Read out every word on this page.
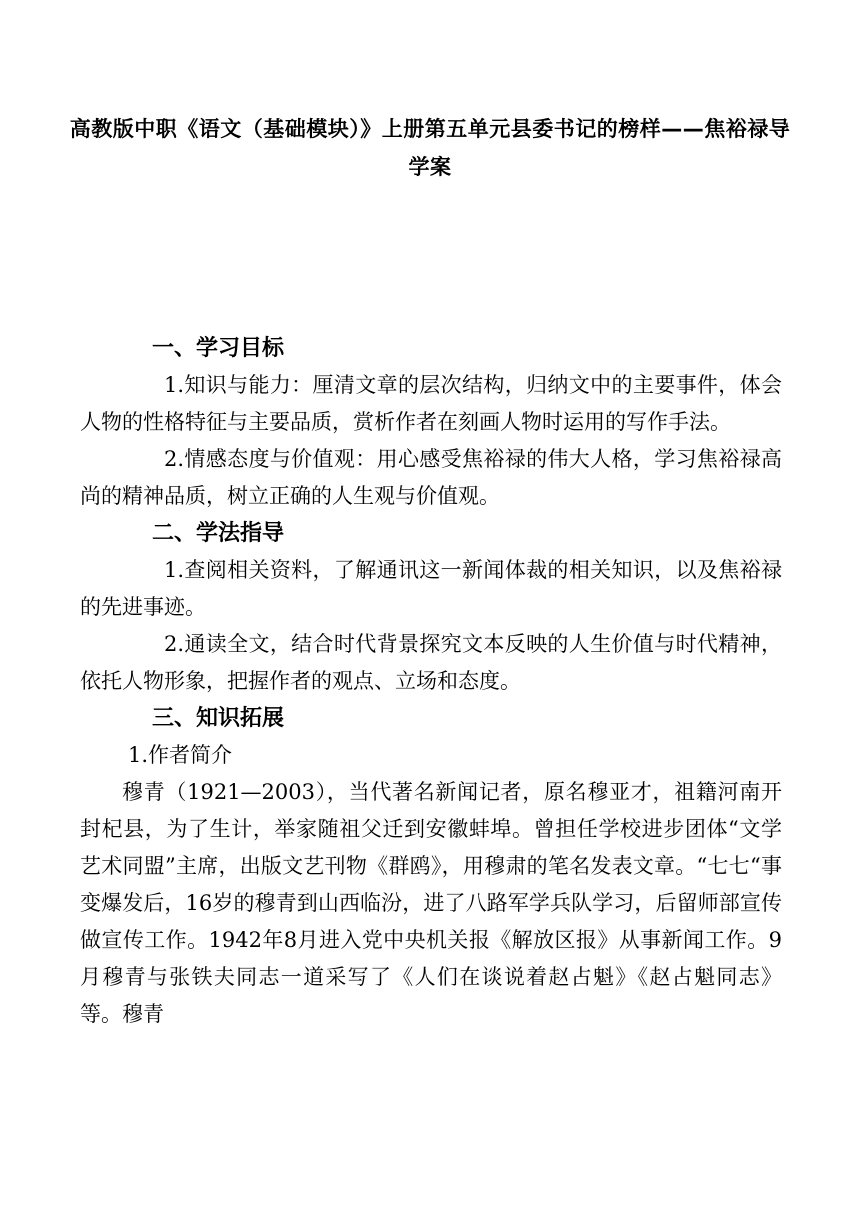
高教版中职《语文（基础模块）》上册第五单元县委书记的榜样——焦裕禄导学案

一、学习目标

1.知识与能力：厘清文章的层次结构，归纳文中的主要事件，体会人物的性格特征与主要品质，赏析作者在刻画人物时运用的写作手法。

2.情感态度与价值观：用心感受焦裕禄的伟大人格，学习焦裕禄高尚的精神品质，树立正确的人生观与价值观。

二、学法指导

1.查阅相关资料，了解通讯这一新闻体裁的相关知识，以及焦裕禄的先进事迹。

2.通读全文，结合时代背景探究文本反映的人生价值与时代精神，依托人物形象，把握作者的观点、立场和态度。

三、知识拓展

1.作者简介

穆青（1921—2003），当代著名新闻记者，原名穆亚才，祖籍河南开封杞县，为了生计，举家随祖父迁到安徽蚌埠。曾担任学校进步团体“文学艺术同盟”主席，出版文艺刊物《群鸥》，用穆肃的笔名发表文章。“七七“事变爆发后，16岁的穆青到山西临汾，进了八路军学兵队学习，后留师部宣传做宣传工作。1942年8月进入党中央机关报《解放区报》从事新闻工作。9月穆青与张铁夫同志一道采写了《人们在谈说着赵占魁》《赵占魁同志》等。穆青
